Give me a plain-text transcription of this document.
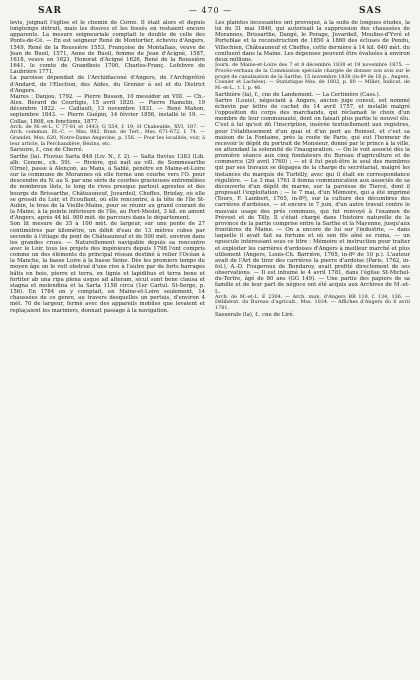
SAR	— 470 —	SAS

levis, joignait l'église et le chemin de Corné. Il était alors et depuis longtemps détruit, mais les douves et les fossés en restaient encore apparents. La mesure seigneuriale comptait le double de celle des Ponts-de-Cé. — En est seigneur René de Montortier, écheviu d'Angers, 1549, René de la Roussière 1553, Françoise de Montallais, veuve de Jean de Bueil, 1571, Anne de Bueil, femme de Jean d'Acigné, 1587, 1618, veuve en 1621, Honorat d'Acigné 1626, René de la Roussière 1641, le comte de Grandbois 1700, Charles-Franç. Lefebvre de Laubrière 1771.

La paroisse dépendait de l'Archidiaconé d'Angers, de l'Archiprêtré d'Andard, de l'Election, des Aides, du Grenier à sel et du District d'Angers.

Maires : Danjou, 1792. — Pierre Busson, 10 messidor an VIII. — Ch.-Alex. Bérard de Courtigis, 15 avril 1820. — Pierre Hamelin, 19 décembre 1822. — Caillault, 13 novembre 1831. — René Mahon, septembre 1843. — Pierre Guépin, 14 février 1856, installé le 19. — Collas, 1868, en fonctions, 1877.

Arch. de M.-et-L. C 77-81 et 1443; G 554, f. 19; H Chabeuble, XVI, 107. — Arch. commun. Et.-C. — Mss. 982. Bran. de Tert., Mss. 671-672, f. 74. — Grandet, Mss. 620, Notre-Dame Angevine, p. 156. — Pour les localités, voir, à leur article, la Perchandière, Bézins, etc.

Sarsoire, f., cne de Cherré.

Sarthe (la). Fluvius Sarta 848 (Liv. N., f. 2). — Salta fluvius 1383 (Lib. alb. Cenom., ch. 59). — Rivière, qui naît au vill. de Sommesarthe (Orne), passe à Alençon, au Mans, à Sablé, pénètre en Maine-et-Loire sur la commune de Morannes où elle forme une courbe vers l'O. pour descendre du N. au S. par une série de courbes gracieuses entremêlées de nombreux îlots, le long de rives presque partout agrestes et des bourgs de Brissarthe, Châteauneuf, Juvardeil, Cheffes, Briolay, où elle se grossit du Loir, et Ecouflant, où elle rencontre, à la tête de l'île St-Aubin, le bras de la Vieille-Maine, pour se réunir au grand courant de la Maine, à la pointe inférieure de l'île, au Port-Meslet, 3 kil. en amont d'Angers, après 44 kil. 900 mèt. de parcours dans le département.

Son lit mesure de 35 à 100 mèt. de largeur, sur une pente de 27 centimètres par kilomètre, un débit d'eau de 13 mètres cubes par seconde à l'étiage du pont de Châteauneuf et de 500 mèt. environ dans les grandes crues. — Naturellement navigable depuis sa rencontre avec le Loir, tous les projets des ingénieurs depuis 1798 l'ont compris comme un des éléments du principal réseau destiné à relier l'Océan à la Manche, la basse Loire à la basse Seine. Dès les premiers temps du moyen âge on le voit obstrué d'une rive à l'autre par de forts barrages bâtis en bois, pierre et terra, ex lignis et lapidibus et terra bene et fortiter ab una ripa plena usque ad alteram, sicut sunt bene clausa et stagna et molendina et la Sarta 1158 circa (1er Cartul. St-Serge, p. 156). En 1784 on y comptait, en Maine-et-Loire seulement, 14 chaussées de ce genre, au travers desquelles un pertuis, d'environ 4 mèt. 70 de largeur, fermé avec des appareils mobiles que levaient et replaçaient les mariniers, donnait passage à la navigation.

Les plaintes incessantes ont provoqué, à la suite de longues études, la loi du 31 mai 1846, qui autorisait la suppression des chaussées de Morannes, Brissarthe, Dangé, le Porage, Juvardeil, Moulins-d'Yvré et Porteblae et la reconstruction de 1850 à 1860 des écluses de Pendu, Villechien, Châteauneuf et Cheffes, cette dernière à 14 kil. 640 mèt. du confluent dans la Maine. Les dépenses peuvent être évaluées à environ deux millions.

Journ. de Maine-et-Loire des 7 et 8 décembre 1838 et 19 novembre 1875. — Procès-verbaux de la Commission spéciale chargée de donner son avis sur le projet de canalisation de la Sarthe, 15 novembre 1838 (in-8º de 16 p., Angers, Cosnier et Lachèse). — Statistique Mss. de 1802, p. 80 — Millet, Indicat. de M.-et-L., t. I, p. 46.

Sarthière (la), f., cne de Landemont. — La Certinière (Cass.).

Sartre (Louis), négociant à Angers, ancien juge consul, est nommé échevin par lettre de cachet du 14 avril 1757, et installé malgré l'opposition du corps des marchands, qui réclamait le choix d'un membre de leur communauté, dont on faisait plus partie le nouvel élu. C'est à lui qu'est dû l'inscription, insérée textuellement aux registres, pour l'établissement d'un quai et d'un port au Roinsel, et c'est sa maison de la Fontaine, près la route de Paris, qui eut l'honneur de recevoir le dépôt du portrait de Monsieur, donné par le prince à la ville, en attendant la solennité de l'inauguration. — On le voit associé dès la première séance aux cinq fondateurs du Bureau d'agriculture et de commerce (29 avril 1760) ; — et il fut peut-être le seul des membres qui par ses travaux se dégagea de la charge du secrétariat, malgré les instances du marquis de Turbilly, avec qui il était en correspondance régulière. — Le 3 mai 1761 il donna communication aux associés de sa découverte d'un dépôt de marne, sur la paroisse de Tiercé, dont il proposait l'exploitation ; — le 7 mai, d'un Mémoire, qui a été imprimé (Tours, F. Lambert, 1765, in-8º), sur la culture des décombres des carrières d'ardoises, — et encore le 7 juin, d'un autre travail contre le mauvais usage des prés communs, qui fut renvoyé à l'examen de Prévost et de Tilly. Il s'était chargé dans l'histoire naturelle de la province de la partie comprise entre la Sarthe et la Mayenne, jusqu'aux frontières du Maine. — On a encore de lui sur l'industrie, — dans laquelle il avait fait sa fortune et où son fils aîné se ruina, — un opuscule intéressant sous ce titre : Mémoire et instruction pour traiter et exploiter les carrières d'ardoises d'Angers à meilleur marché et plus utilement (Angers, Louis-Ch. Barrière, 1765, in-8º de 10 p.). L'auteur avait de l'Art de tirer des carrières la pierre d'ardoise (Paris, 1762, in-fol.), A.-D. Fougeroux de Bondaroy, avait profité directement de ses observations. — Il est inhumé le 4 avril 1781, dans l'église St-Michel-du-Tertre, âgé de 80 ans (GG 149). — Une partie des papiers de sa famille et de leur part de négoce ont été acquis aux Archives de M.-et-L.

Arch. de M.-et-L. E 2304. — Arch. mun. d'Angers BB 119, f. 134, 136. — Délibérat. du Bureau d'agricult., Mss. 1034. — Affiches d'Angers du 6 avril 1781.

Sasserale (la), f., cne de Liré.
